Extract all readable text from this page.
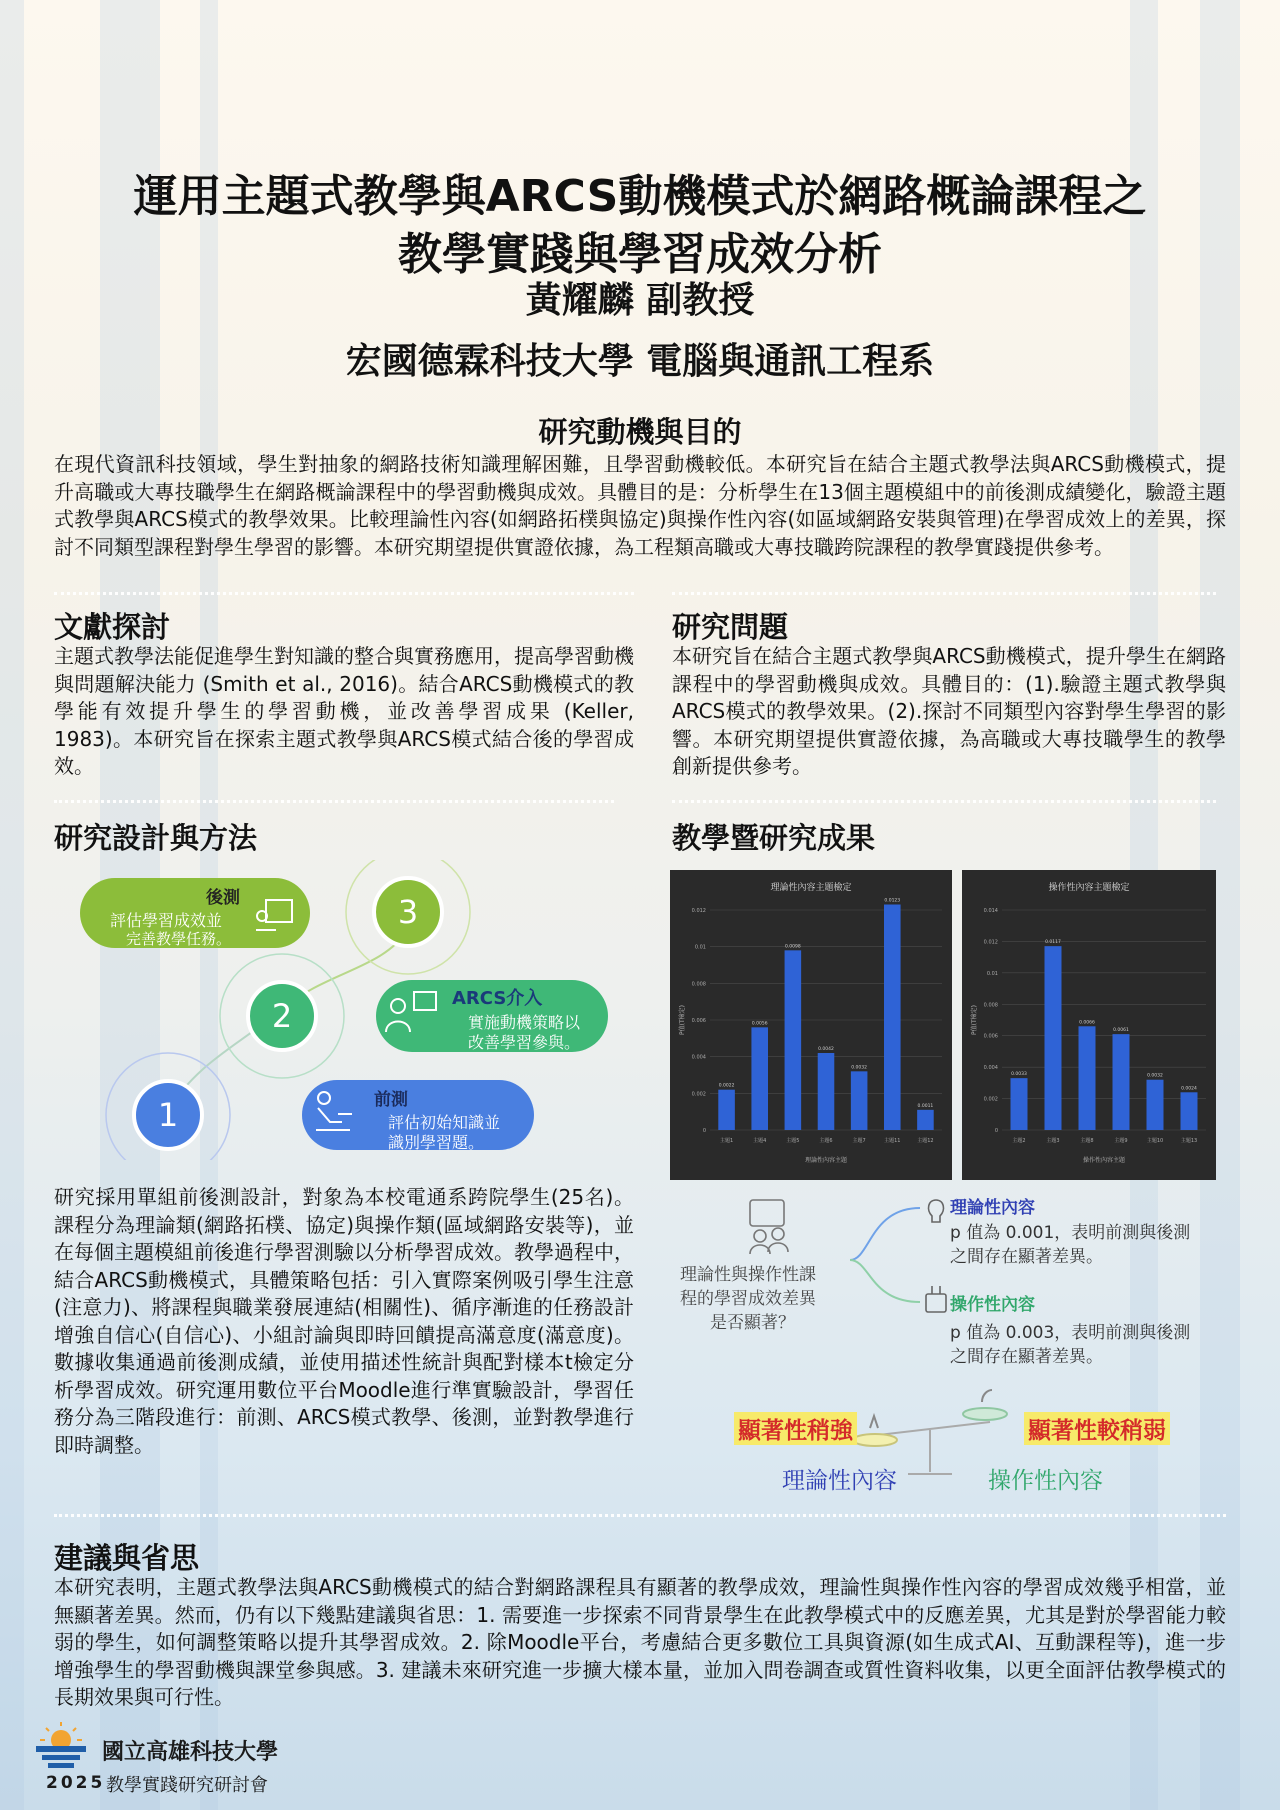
運用主題式教學與ARCS動機模式於網路概論課程之
教學實踐與學習成效分析
黃耀麟 副教授
宏國德霖科技大學 電腦與通訊工程系
研究動機與目的
在現代資訊科技領域，學生對抽象的網路技術知識理解困難，且學習動機較低。本研究旨在結合主題式教學法與ARCS動機模式，提升高職或大專技職學生在網路概論課程中的學習動機與成效。具體目的是：分析學生在13個主題模組中的前後測成績變化，驗證主題式教學與ARCS模式的教學效果。比較理論性內容(如網路拓樸與協定)與操作性內容(如區域網路安裝與管理)在學習成效上的差異，探討不同類型課程對學生學習的影響。本研究期望提供實證依據，為工程類高職或大專技職跨院課程的教學實踐提供參考。
文獻探討
主題式教學法能促進學生對知識的整合與實務應用，提高學習動機與問題解決能力 (Smith et al., 2016)。結合ARCS動機模式的教學能有效提升學生的學習動機，並改善學習成果 (Keller, 1983)。本研究旨在探索主題式教學與ARCS模式結合後的學習成效。
研究問題
本研究旨在結合主題式教學與ARCS動機模式，提升學生在網路課程中的學習動機與成效。具體目的：(1).驗證主題式教學與ARCS模式的教學效果。(2).探討不同類型內容對學生學習的影響。本研究期望提供實證依據，為高職或大專技職學生的教學創新提供參考。
研究設計與方法
3
2
1
後測
評估學習成效並
完善教學任務。
ARCS介入
實施動機策略以
改善學習參與。
前測
評估初始知識並
識別學習題。
研究採用單組前後測設計，對象為本校電通系跨院學生(25名)。課程分為理論類(網路拓樸、協定)與操作類(區域網路安裝等)，並在每個主題模組前後進行學習測驗以分析學習成效。教學過程中，結合ARCS動機模式，具體策略包括：引入實際案例吸引學生注意(注意力)、將課程與職業發展連結(相關性)、循序漸進的任務設計增強自信心(自信心)、小組討論與即時回饋提高滿意度(滿意度)。數據收集通過前後測成績，並使用描述性統計與配對樣本t檢定分析學習成效。研究運用數位平台Moodle進行準實驗設計，學習任務分為三階段進行：前測、ARCS模式教學、後測，並對教學進行即時調整。
教學暨研究成果
理論性內容主題檢定
0
0.002
0.004
0.006
0.008
0.01
0.012
P值(T檢定)
0.0022
主題1
0.0056
主題4
0.0098
主題5
0.0042
主題6
0.0032
主題7
0.0123
主題11
0.0011
主題12
理論性內容主題
操作性內容主題檢定
0
0.002
0.004
0.006
0.008
0.01
0.012
0.014
P值(T檢定)
0.0033
主題2
0.0117
主題3
0.0066
主題8
0.0061
主題9
0.0032
主題10
0.0024
主題13
操作性內容主題
理論性與操作性課
程的學習成效差異
是否顯著？
理論性內容
p 值為 0.001，表明前測與後測
之間存在顯著差異。
操作性內容
p 值為 0.003，表明前測與後測
之間存在顯著差異。
顯著性稍強	顯著性較稍弱
理論性內容	操作性內容
建議與省思
本研究表明，主題式教學法與ARCS動機模式的結合對網路課程具有顯著的教學成效，理論性與操作性內容的學習成效幾乎相當，並無顯著差異。然而，仍有以下幾點建議與省思：1. 需要進一步探索不同背景學生在此教學模式中的反應差異，尤其是對於學習能力較弱的學生，如何調整策略以提升其學習成效。2. 除Moodle平台，考慮結合更多數位工具與資源(如生成式AI、互動課程等)，進一步增強學生的學習動機與課堂參與感。3. 建議未來研究進一步擴大樣本量，並加入問卷調查或質性資料收集，以更全面評估教學模式的長期效果與可行性。
國立高雄科技大學
2025 教學實踐研究研討會
